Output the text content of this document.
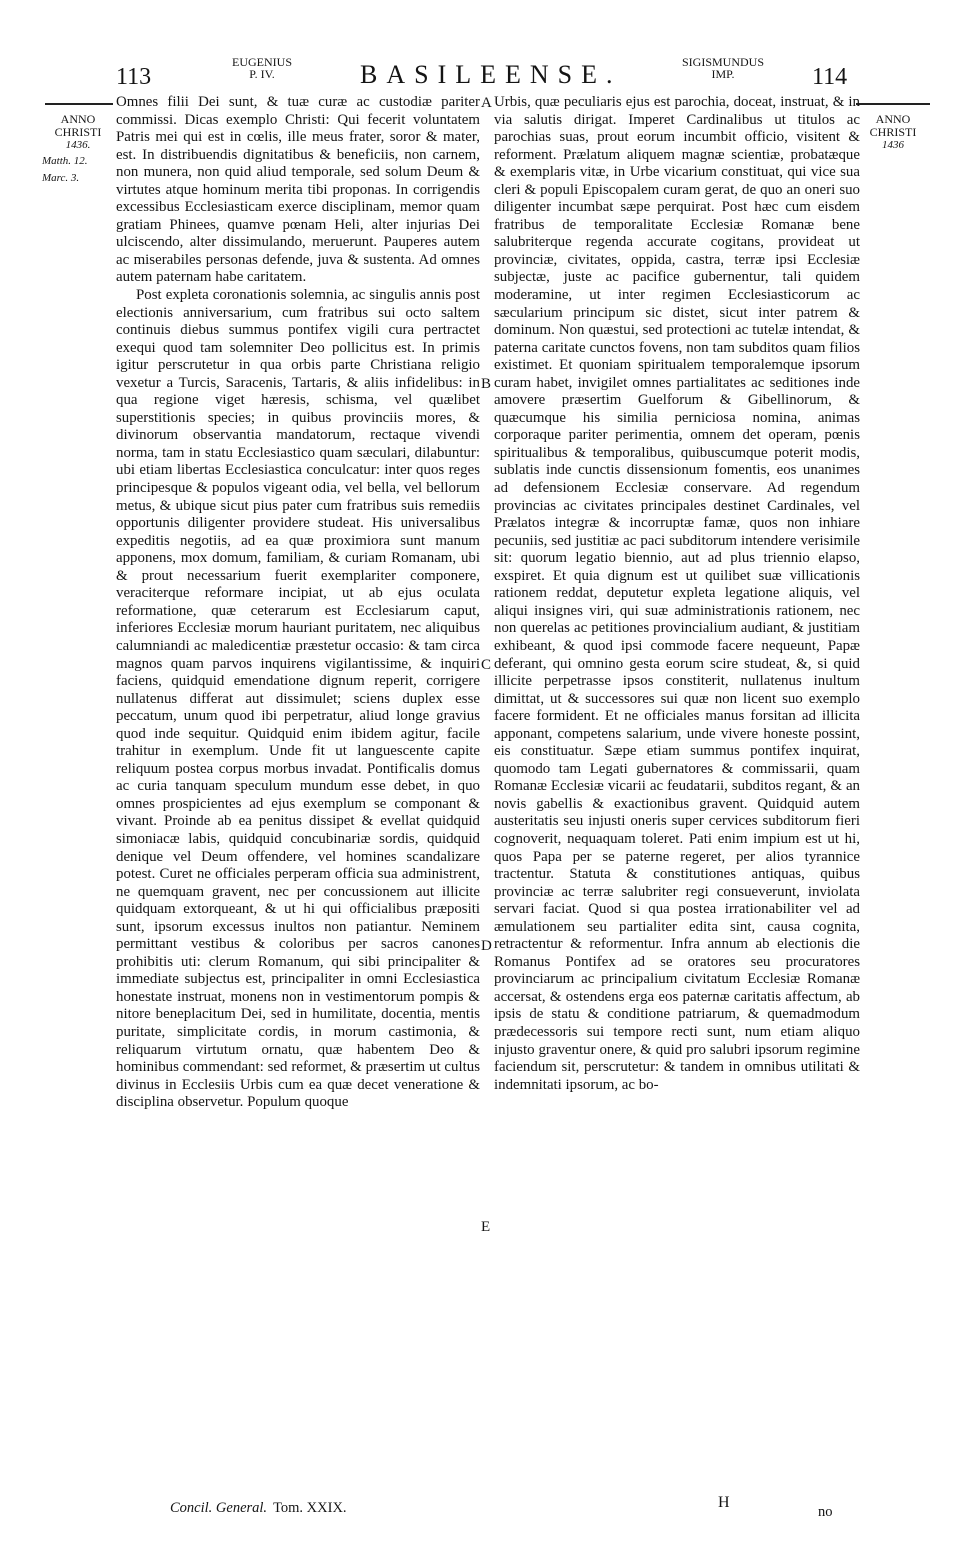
113
EUGENIUS
P. IV.	BASILEENSE.	SIGISMUNDUS
IMP.	114
ANNO
CHRISTI
1436.
Matth. 12.
Marc. 3.
ANNO
CHRISTI
1436

Omnes filii Dei sunt, & tuæ curæ ac custodiæ pariter commissi. Dicas exemplo Christi: Qui fecerit voluntatem Patris mei qui est in cœlis, ille meus frater, soror & mater, est. In distribuendis dignitatibus & beneficiis, non carnem, non munera, non quid aliud temporale, sed solum Deum & virtutes atque hominum merita tibi proponas. In corrigendis excessibus Ecclesiasticam exerce disciplinam, memor quam gratiam Phinees, quamve pœnam Heli, alter injurias Dei ulciscendo, alter dissimulando, meruerunt. Pauperes autem ac miserabiles personas defende, juva & sustenta. Ad omnes autem paternam habe caritatem.

Post expleta coronationis solemnia, ac singulis annis post electionis anniversarium, cum fratribus sui octo saltem continuis diebus summus pontifex vigili cura pertractet exequi quod tam solemniter Deo pollicitus est. In primis igitur perscrutetur in qua orbis parte Christiana religio vexetur a Turcis, Saracenis, Tartaris, & aliis infidelibus: in qua regione viget hæresis, schisma, vel quælibet superstitionis species; in quibus provinciis mores, & divinorum observantia mandatorum, rectaque vivendi norma, tam in statu Ecclesiastico quam sæculari, dilabuntur: ubi etiam libertas Ecclesiastica conculcatur: inter quos reges principesque & populos vigeant odia, vel bella, vel bellorum metus, & ubique sicut pius pater cum fratribus suis remediis opportunis diligenter providere studeat. His universalibus expeditis negotiis, ad ea quæ proximiora sunt manum apponens, mox domum, familiam, & curiam Romanam, ubi & prout necessarium fuerit exemplariter componere, veraciterque reformare incipiat, ut ab ejus oculata reformatione, quæ ceterarum est Ecclesiarum caput, inferiores Ecclesiæ morum hauriant puritatem, nec aliquibus calumniandi ac maledicentiæ præstetur occasio: & tam circa magnos quam parvos inquirens vigilantissime, & inquiri faciens, quidquid emendatione dignum reperit, corrigere nullatenus differat aut dissimulet; sciens duplex esse peccatum, unum quod ibi perpetratur, aliud longe gravius quod inde sequitur. Quidquid enim ibidem agitur, facile trahitur in exemplum. Unde fit ut languescente capite reliquum postea corpus morbus invadat. Pontificalis domus ac curia tanquam speculum mundum esse debet, in quo omnes prospicientes ad ejus exemplum se componant & vivant. Proinde ab ea penitus dissipet & evellat quidquid simoniacæ labis, quidquid concubinariæ sordis, quidquid denique vel Deum offendere, vel homines scandalizare potest. Curet ne officiales perperam officia sua administrent, ne quemquam gravent, nec per concussionem aut illicite quidquam extorqueant, & ut hi qui officialibus præpositi sunt, ipsorum excessus inultos non patiantur. Neminem permittant vestibus & coloribus per sacros canones prohibitis uti: clerum Romanum, qui sibi principaliter & immediate subjectus est, principaliter in omni Ecclesiastica honestate instruat, monens non in vestimentorum pompis & nitore beneplacitum Dei, sed in humilitate, docentia, mentis puritate, simplicitate cordis, in morum castimonia, & reliquarum virtutum ornatu, quæ habentem Deo & hominibus commendant: sed reformet, & præsertim ut cultus divinus in Ecclesiis Urbis cum ea quæ decet veneratione & disciplina observetur. Populum quoque

A
B
C
D
E

Urbis, quæ peculiaris ejus est parochia, doceat, instruat, & in via salutis dirigat. Imperet Cardinalibus ut titulos ac parochias suas, prout eorum incumbit officio, visitent & reforment. Prælatum aliquem magnæ scientiæ, probatæque & exemplaris vitæ, in Urbe vicarium constituat, qui vice sua cleri & populi Episcopalem curam gerat, de quo an oneri suo diligenter incumbat sæpe perquirat. Post hæc cum eisdem fratribus de temporalitate Ecclesiæ Romanæ bene salubriterque regenda accurate cogitans, provideat ut provinciæ, civitates, oppida, castra, terræ ipsi Ecclesiæ subjectæ, juste ac pacifice gubernentur, tali quidem moderamine, ut inter regimen Ecclesiasticorum ac sæcularium principum sic distet, sicut inter patrem & dominum. Non quæstui, sed protectioni ac tutelæ intendat, & paterna caritate cunctos fovens, non tam subditos quam filios existimet. Et quoniam spiritualem temporalemque ipsorum curam habet, invigilet omnes partialitates ac seditiones inde amovere præsertim Guelforum & Gibellinorum, & quæcumque his similia perniciosa nomina, animas corporaque pariter perimentia, omnem det operam, pœnis spiritualibus & temporalibus, quibuscumque poterit modis, sublatis inde cunctis dissensionum fomentis, eos unanimes ad defensionem Ecclesiæ conservare. Ad regendum provincias ac civitates principales destinet Cardinales, vel Prælatos integræ & incorruptæ famæ, quos non inhiare pecuniis, sed justitiæ ac paci subditorum intendere verisimile sit: quorum legatio biennio, aut ad plus triennio elapso, exspiret. Et quia dignum est ut quilibet suæ villicationis rationem reddat, deputetur expleta legatione aliquis, vel aliqui insignes viri, qui suæ administrationis rationem, nec non querelas ac petitiones provincialium audiant, & justitiam exhibeant, & quod ipsi commode facere nequeunt, Papæ deferant, qui omnino gesta eorum scire studeat, &, si quid illicite perpetrasse ipsos constiterit, nullatenus inultum dimittat, ut & successores sui quæ non licent suo exemplo facere formident. Et ne officiales manus forsitan ad illicita apponant, competens salarium, unde vivere honeste possint, eis constituatur. Sæpe etiam summus pontifex inquirat, quomodo tam Legati gubernatores & commissarii, quam Romanæ Ecclesiæ vicarii ac feudatarii, subditos regant, & an novis gabellis & exactionibus gravent. Quidquid autem austeritatis seu injusti oneris super cervices subditorum fieri cognoverit, nequaquam toleret. Pati enim impium est ut hi, quos Papa per se paterne regeret, per alios tyrannice tractentur. Statuta & constitutiones antiquas, quibus provinciæ ac terræ salubriter regi consueverunt, inviolata servari faciat. Quod si qua postea irrationabiliter vel ad æmulationem seu partialiter edita sint, causa cognita, retractentur & reformentur. Infra annum ab electionis die Romanus Pontifex ad se oratores seu procuratores provinciarum ac principalium civitatum Ecclesiæ Romanæ accersat, & ostendens erga eos paternæ caritatis affectum, ab ipsis de statu & conditione patriarum, & quemadmodum prædecessoris sui tempore recti sunt, num etiam aliquo injusto graventur onere, & quid pro salubri ipsorum regimine faciendum sit, perscrutetur: & tandem in omnibus utilitati & indemnitati ipsorum, ac bo-

Concil. General. Tom. XXIX.	H
no
